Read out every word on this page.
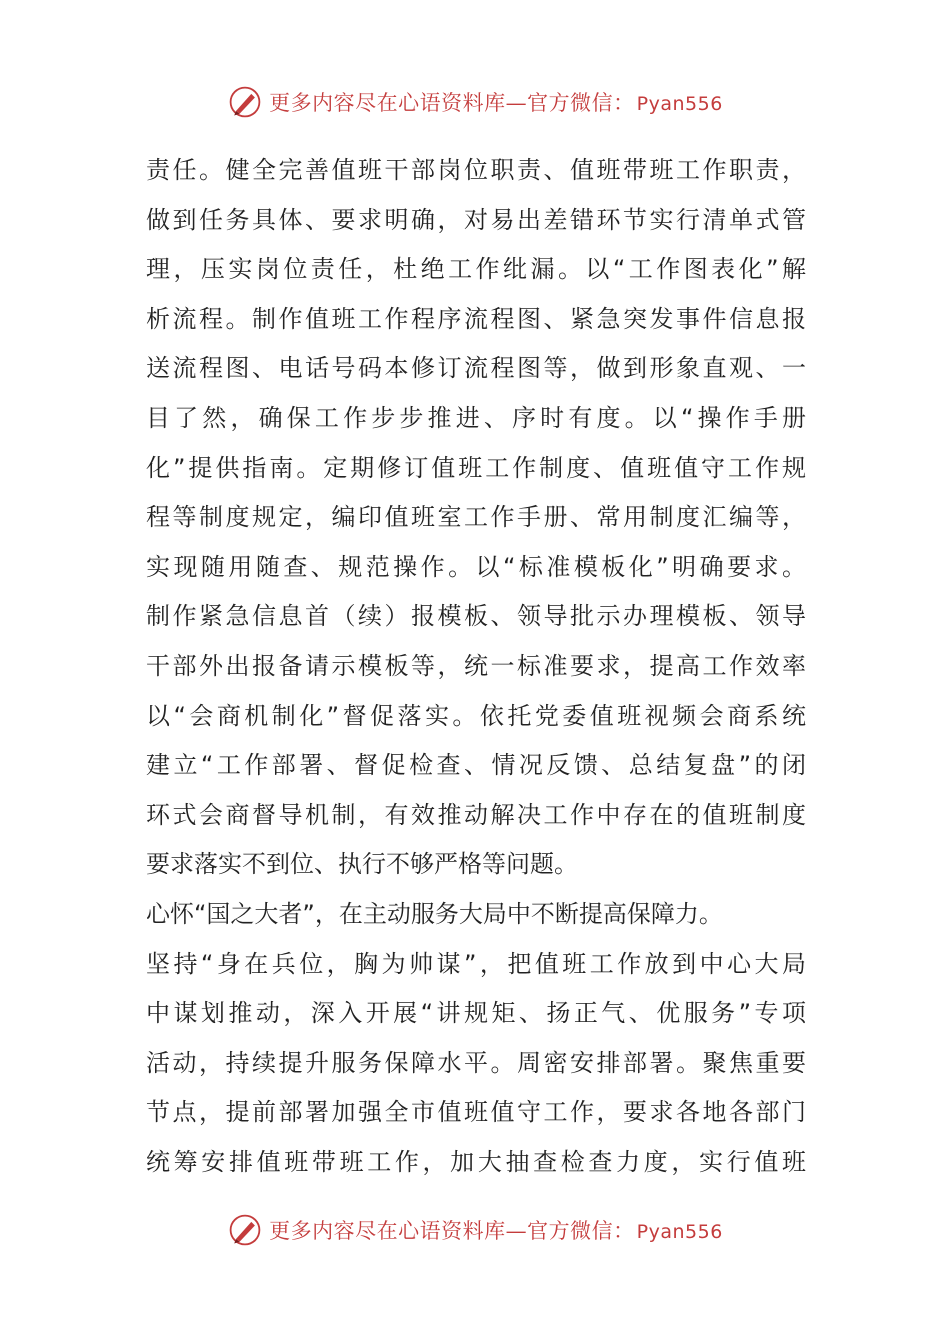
更多内容尽在心语资料库—官方微信： Pyan556
责任。健全完善值班干部岗位职责、值班带班工作职责，
做到任务具体、要求明确，对易出差错环节实行清单式管
理，压实岗位责任，杜绝工作纰漏。以“工作图表化”解
析流程。制作值班工作程序流程图、紧急突发事件信息报
送流程图、电话号码本修订流程图等，做到形象直观、一
目了然，确保工作步步推进、序时有度。以“操作手册
化”提供指南。定期修订值班工作制度、值班值守工作规
程等制度规定，编印值班室工作手册、常用制度汇编等，
实现随用随查、规范操作。以“标准模板化”明确要求。
制作紧急信息首（续）报模板、领导批示办理模板、领导
干部外出报备请示模板等，统一标准要求，提高工作效率
以“会商机制化”督促落实。依托党委值班视频会商系统
建立“工作部署、督促检查、情况反馈、总结复盘”的闭
环式会商督导机制，有效推动解决工作中存在的值班制度
要求落实不到位、执行不够严格等问题。
心怀“国之大者”，在主动服务大局中不断提高保障力。
坚持“身在兵位，胸为帅谋”，把值班工作放到中心大局
中谋划推动，深入开展“讲规矩、扬正气、优服务”专项
活动，持续提升服务保障水平。周密安排部署。聚焦重要
节点，提前部署加强全市值班值守工作，要求各地各部门
统筹安排值班带班工作，加大抽查检查力度，实行值班
更多内容尽在心语资料库—官方微信： Pyan556
